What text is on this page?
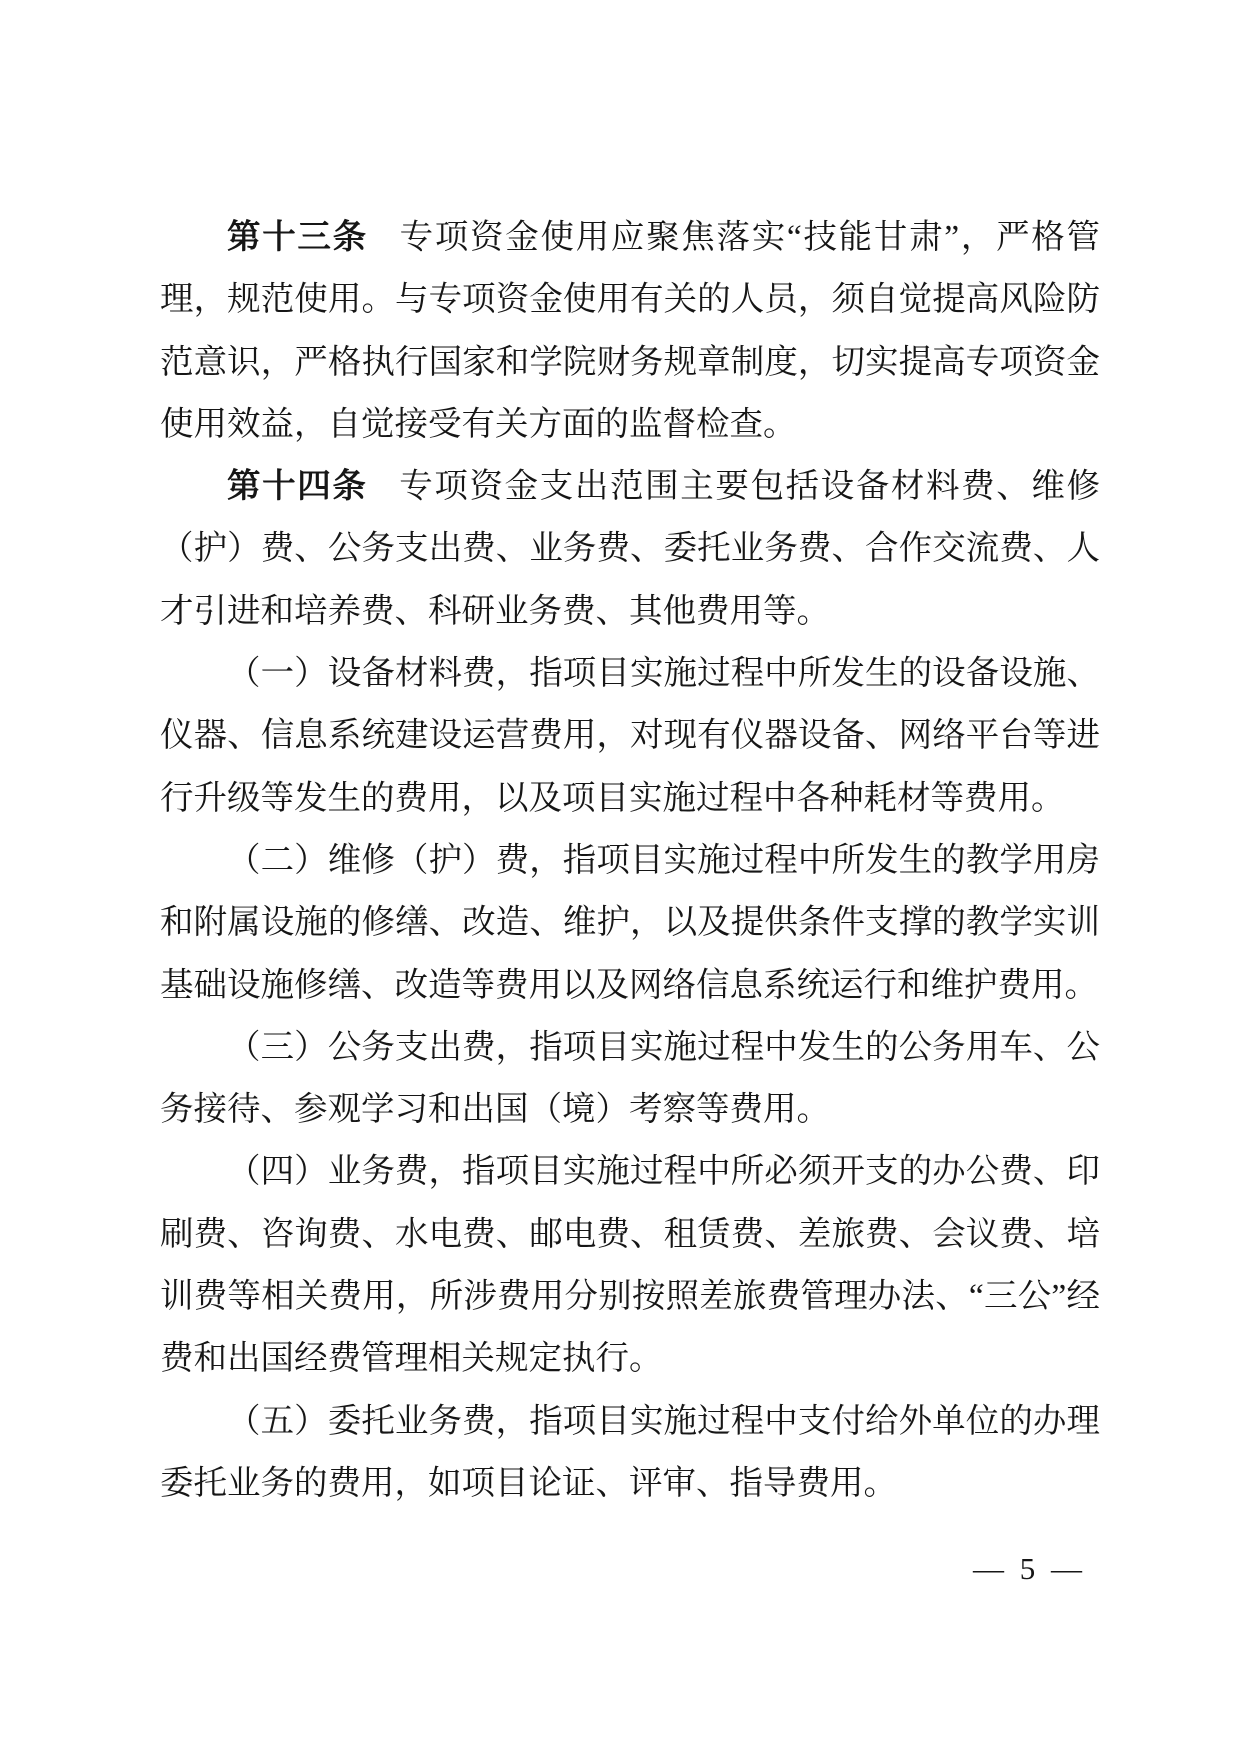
第十三条 专项资金使用应聚焦落实“技能甘肃”，严格管理，规范使用。与专项资金使用有关的人员，须自觉提高风险防范意识，严格执行国家和学院财务规章制度，切实提高专项资金使用效益，自觉接受有关方面的监督检查。

第十四条 专项资金支出范围主要包括设备材料费、维修（护）费、公务支出费、业务费、委托业务费、合作交流费、人才引进和培养费、科研业务费、其他费用等。

（一）设备材料费，指项目实施过程中所发生的设备设施、仪器、信息系统建设运营费用，对现有仪器设备、网络平台等进行升级等发生的费用，以及项目实施过程中各种耗材等费用。

（二）维修（护）费，指项目实施过程中所发生的教学用房和附属设施的修缮、改造、维护，以及提供条件支撑的教学实训基础设施修缮、改造等费用以及网络信息系统运行和维护费用。

（三）公务支出费，指项目实施过程中发生的公务用车、公务接待、参观学习和出国（境）考察等费用。

（四）业务费，指项目实施过程中所必须开支的办公费、印刷费、咨询费、水电费、邮电费、租赁费、差旅费、会议费、培训费等相关费用，所涉费用分别按照差旅费管理办法、“三公”经费和出国经费管理相关规定执行。

（五）委托业务费，指项目实施过程中支付给外单位的办理委托业务的费用，如项目论证、评审、指导费用。

— 5 —
